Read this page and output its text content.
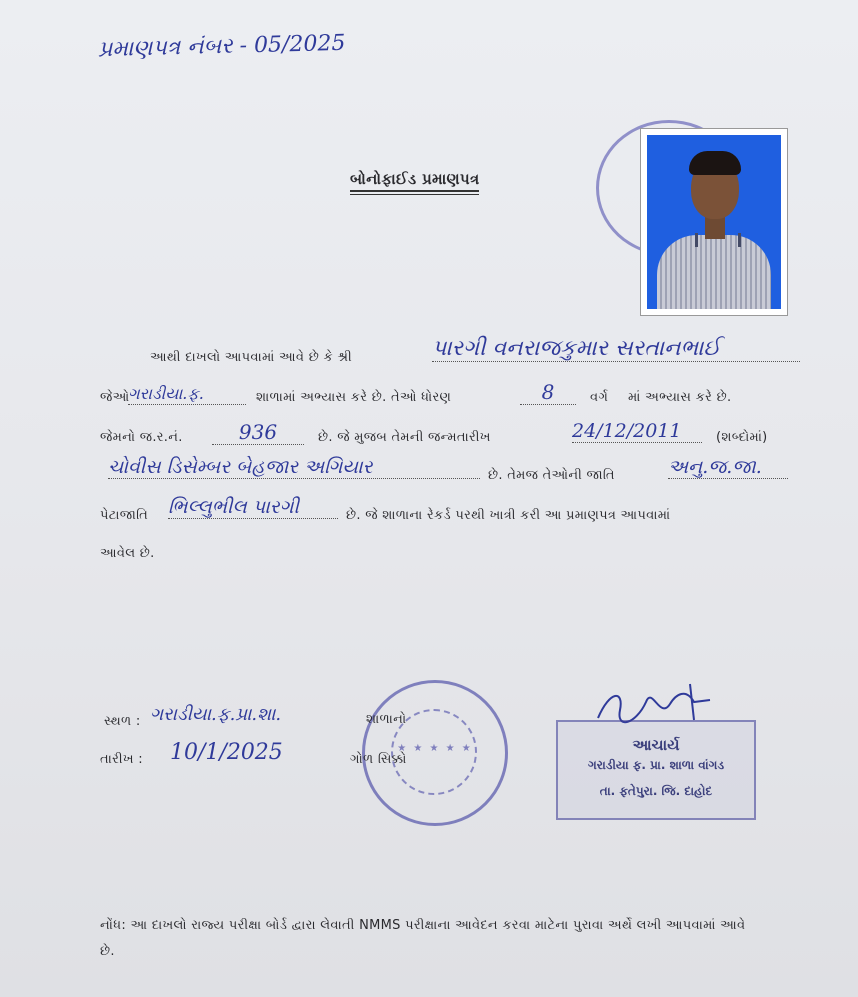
પ્રમાણપત્ર નંબર - 05/2025
બોનોફાઈડ પ્રમાણપત્ર
આથી દાખલો આપવામાં આવે છે કે શ્રી	પારગી વનરાજકુમાર સરતાનભાઈ
જેઓ
ગરાડીયા.ફ.	શાળામાં અભ્યાસ કરે છે. તેઓ ધોરણ	8	વર્ગ માં અભ્યાસ કરે છે.
જેમનો જ.ર.નં.	936	છે. જે મુજબ તેમની જન્મતારીખ	24/12/2011	(શબ્દોમાં)
ચોવીસ ડિસેમ્બર બેહજાર અગિયાર	છે. તેમજ તેઓની જાતિ	અનુ.જ.જા.
પેટાજાતિ ભિલ્લુભીલ પારગી	છે. જે શાળાના રેકર્ડ પરથી ખાત્રી કરી આ પ્રમાણપત્ર આપવામાં
આવેલ છે.
સ્થળ : ગરાડીયા.ફ.પ્રા.શા.
તારીખ : 10/1/2025	★ ★ ★ ★ ★
શાળાનો
ગોળ સિક્કો
આચાર્ય
ગરાડીયા ફ. પ્રા. શાળા વાંગડ
તા. ફતેપુરા. જિ. દાહોદ
નોંધ: આ દાખલો રાજ્ય પરીક્ષા બોર્ડ દ્વારા લેવાતી NMMS પરીક્ષાના આવેદન કરવા માટેના પુરાવા અર્થે લખી આપવામાં આવે છે.
